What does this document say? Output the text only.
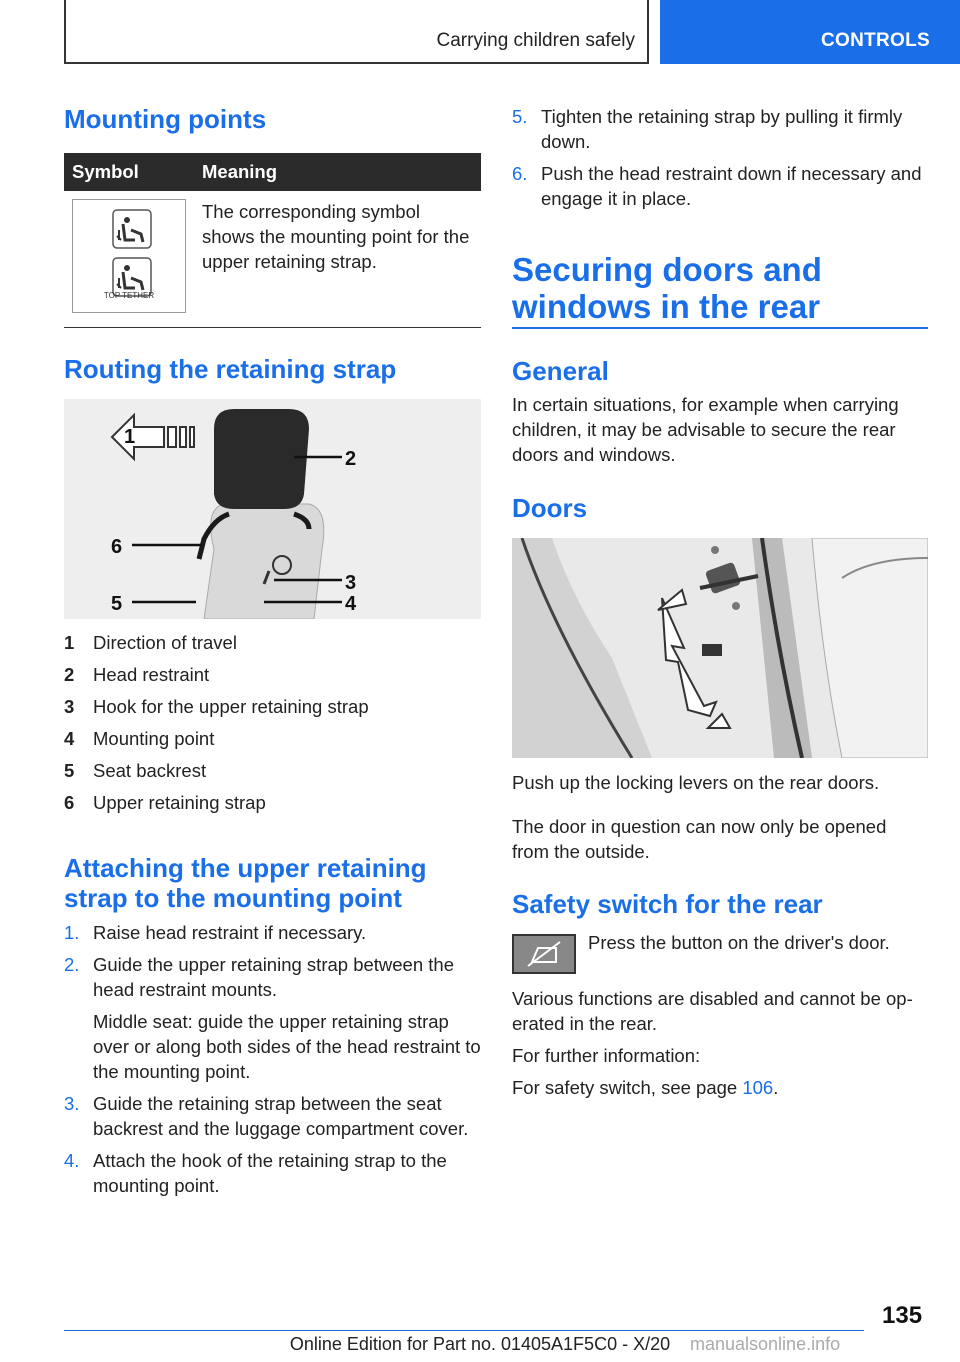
Carrying children safely	CONTROLS
Mounting points
Symbol	Meaning

TOP TETHER	The corresponding symbol shows the mounting point for the upper retaining strap.
Routing the retaining strap
1
2
6
3
4
5
1	Direction of travel
2	Head restraint
3	Hook for the upper retaining strap
4	Mounting point
5	Seat backrest
6	Upper retaining strap
Attaching the upper retaining
strap to the mounting point
1. Raise head restraint if necessary.
2. Guide the upper retaining strap between the head restraint mounts.
Middle seat: guide the upper retaining strap over or along both sides of the head restraint to the mounting point.
3. Guide the retaining strap between the seat backrest and the luggage compartment cover.
4. Attach the hook of the retaining strap to the mounting point.
5. Tighten the retaining strap by pulling it firmly down.
6. Push the head restraint down if necessary and engage it in place.
Securing doors and
windows in the rear
General
In certain situations, for example when carrying children, it may be advisable to secure the rear doors and windows.
Doors
Push up the locking levers on the rear doors.
The door in question can now only be opened from the outside.
Safety switch for the rear
Press the button on the driver's door.
Various functions are disabled and cannot be operated in the rear.
For further information:
For safety switch, see page 106.
135
Online Edition for Part no. 01405A1F5C0 - X/20	manualsonline.info
